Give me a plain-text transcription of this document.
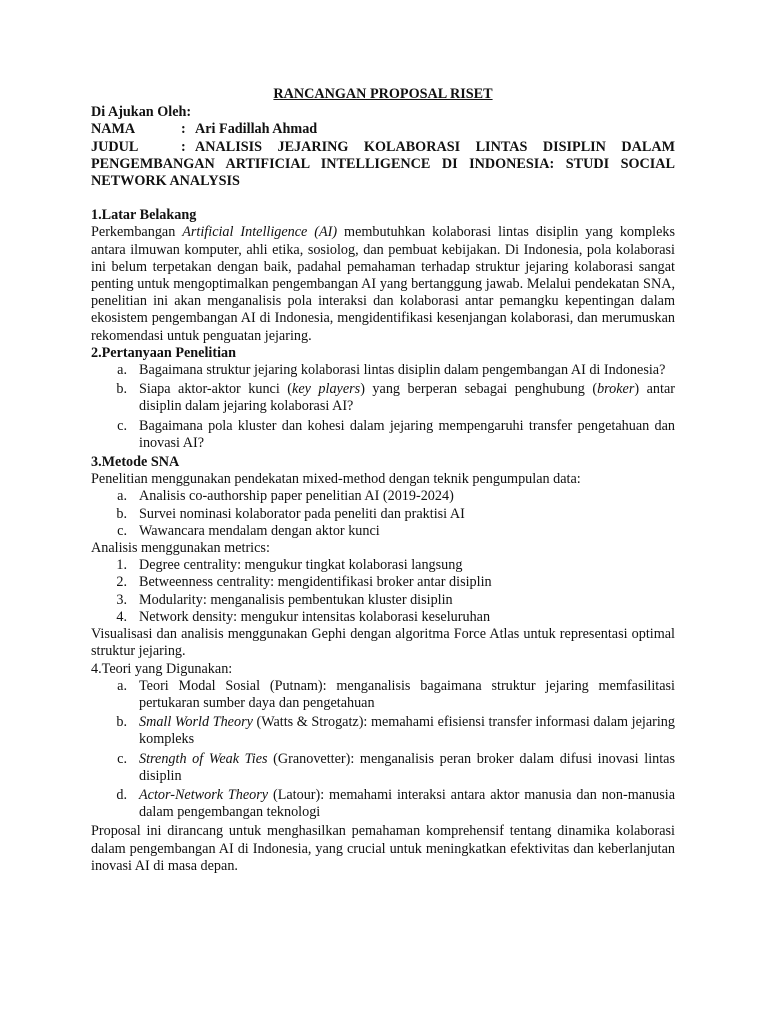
RANCANGAN PROPOSAL RISET
Di Ajukan Oleh:
NAMA	: Ari Fadillah Ahmad
JUDUL	: ANALISIS JEJARING KOLABORASI LINTAS DISIPLIN DALAM PENGEMBANGAN ARTIFICIAL INTELLIGENCE DI INDONESIA: STUDI SOCIAL NETWORK ANALYSIS
1.Latar Belakang
Perkembangan Artificial Intelligence (AI) membutuhkan kolaborasi lintas disiplin yang kompleks antara ilmuwan komputer, ahli etika, sosiolog, dan pembuat kebijakan. Di Indonesia, pola kolaborasi ini belum terpetakan dengan baik, padahal pemahaman terhadap struktur jejaring kolaborasi sangat penting untuk mengoptimalkan pengembangan AI yang bertanggung jawab. Melalui pendekatan SNA, penelitian ini akan menganalisis pola interaksi dan kolaborasi antar pemangku kepentingan dalam ekosistem pengembangan AI di Indonesia, mengidentifikasi kesenjangan kolaborasi, dan merumuskan rekomendasi untuk penguatan jejaring.
2.Pertanyaan Penelitian
a. Bagaimana struktur jejaring kolaborasi lintas disiplin dalam pengembangan AI di Indonesia?
b. Siapa aktor-aktor kunci (key players) yang berperan sebagai penghubung (broker) antar disiplin dalam jejaring kolaborasi AI?
c. Bagaimana pola kluster dan kohesi dalam jejaring mempengaruhi transfer pengetahuan dan inovasi AI?
3.Metode SNA
Penelitian menggunakan pendekatan mixed-method dengan teknik pengumpulan data:
a. Analisis co-authorship paper penelitian AI (2019-2024)
b. Survei nominasi kolaborator pada peneliti dan praktisi AI
c. Wawancara mendalam dengan aktor kunci
Analisis menggunakan metrics:
1. Degree centrality: mengukur tingkat kolaborasi langsung
2. Betweenness centrality: mengidentifikasi broker antar disiplin
3. Modularity: menganalisis pembentukan kluster disiplin
4. Network density: mengukur intensitas kolaborasi keseluruhan
Visualisasi dan analisis menggunakan Gephi dengan algoritma Force Atlas untuk representasi optimal struktur jejaring.
4.Teori yang Digunakan:
a. Teori Modal Sosial (Putnam): menganalisis bagaimana struktur jejaring memfasilitasi pertukaran sumber daya dan pengetahuan
b. Small World Theory (Watts & Strogatz): memahami efisiensi transfer informasi dalam jejaring kompleks
c. Strength of Weak Ties (Granovetter): menganalisis peran broker dalam difusi inovasi lintas disiplin
d. Actor-Network Theory (Latour): memahami interaksi antara aktor manusia dan non-manusia dalam pengembangan teknologi
Proposal ini dirancang untuk menghasilkan pemahaman komprehensif tentang dinamika kolaborasi dalam pengembangan AI di Indonesia, yang crucial untuk meningkatkan efektivitas dan keberlanjutan inovasi AI di masa depan.
